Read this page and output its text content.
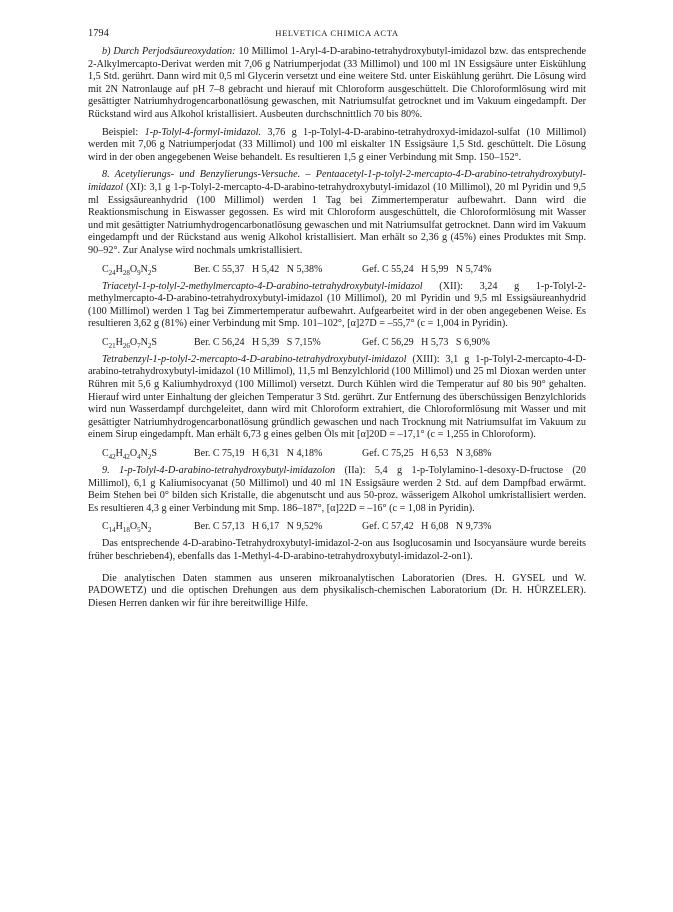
1794	HELVETICA CHIMICA ACTA

b) Durch Perjodsäureoxydation: 10 Millimol 1-Aryl-4-D-arabino-tetrahydroxybutyl-imidazol bzw. das entsprechende 2-Alkylmercapto-Derivat werden mit 7,06 g Natriumperjodat (33 Millimol) und 100 ml 1N Essigsäure unter Eiskühlung 1,5 Std. gerührt. Dann wird mit 0,5 ml Glycerin versetzt und eine weitere Std. unter Eiskühlung gerührt. Die Lösung wird mit 2N Natronlauge auf pH 7–8 gebracht und hierauf mit Chloroform ausgeschüttelt. Die Chloroformlösung wird mit gesättigter Natriumhydrogencarbonatlösung gewaschen, mit Natriumsulfat getrocknet und im Vakuum eingedampft. Der Rückstand wird aus Alkohol kristallisiert. Ausbeuten durchschnittlich 70 bis 80%.

Beispiel: 1-p-Tolyl-4-formyl-imidazol. 3,76 g 1-p-Tolyl-4-D-arabino-tetrahydroxyd-imidazol-sulfat (10 Millimol) werden mit 7,06 g Natriumperjodat (33 Millimol) und 100 ml eiskalter 1N Essigsäure 1,5 Std. geschüttelt. Die Lösung wird in der oben angegebenen Weise behandelt. Es resultieren 1,5 g einer Verbindung mit Smp. 150–152°.

8. Acetylierungs- und Benzylierungs-Versuche. – Pentaacetyl-1-p-tolyl-2-mercapto-4-D-arabino-tetrahydroxybutyl-imidazol (XI): 3,1 g 1-p-Tolyl-2-mercapto-4-D-arabino-tetrahydroxybutyl-imidazol (10 Millimol), 20 ml Pyridin und 9,5 ml Essigsäureanhydrid (100 Millimol) werden 1 Tag bei Zimmertemperatur aufbewahrt. Dann wird die Reaktionsmischung in Eiswasser gegossen. Es wird mit Chloroform ausgeschüttelt, die Chloroformlösung mit Wasser und mit gesättigter Natriumhydrogencarbonatlösung gewaschen und mit Natriumsulfat getrocknet. Dann wird im Vakuum eingedampft und der Rückstand aus wenig Alkohol kristallisiert. Man erhält so 2,36 g (45%) eines Produktes mit Smp. 90–92°. Zur Analyse wird nochmals umkristallisiert.

$C_{24}H_{28}O_9N_2S$	Ber. C 55,37   H 5,42   N 5,38%	Gef. C 55,24   H 5,99   N 5,74%

Triacetyl-1-p-tolyl-2-methylmercapto-4-D-arabino-tetrahydroxybutyl-imidazol (XII): 3,24 g 1-p-Tolyl-2-methylmercapto-4-D-arabino-tetrahydroxybutyl-imidazol (10 Millimol), 20 ml Pyridin und 9,5 ml Essigsäureanhydrid (100 Millimol) werden 1 Tag bei Zimmertemperatur aufbewahrt. Aufgearbeitet wird in der oben angegebenen Weise. Es resultieren 3,62 g (81%) einer Verbindung mit Smp. 101–102°, [α]27D = –55,7° (c = 1,004 in Pyridin).

$C_{21}H_{26}O_7N_2S$	Ber. C 56,24   H 5,39   S 7,15%	Gef. C 56,29   H 5,73   S 6,90%

Tetrabenzyl-1-p-tolyl-2-mercapto-4-D-arabino-tetrahydroxybutyl-imidazol (XIII): 3,1 g 1-p-Tolyl-2-mercapto-4-D-arabino-tetrahydroxybutyl-imidazol (10 Millimol), 11,5 ml Benzylchlorid (100 Millimol) und 25 ml Dioxan werden unter Rühren mit 5,6 g Kaliumhydroxyd (100 Millimol) versetzt. Durch Kühlen wird die Temperatur auf 80 bis 90° gehalten. Hierauf wird unter Einhaltung der gleichen Temperatur 3 Std. gerührt. Zur Entfernung des überschüssigen Benzylchlorids wird nun Wasserdampf durchgeleitet, dann wird mit Chloroform extrahiert, die Chloroformlösung mit Wasser und mit gesättigter Natriumhydrogencarbonatlösung gründlich gewaschen und nach Trocknung mit Natriumsulfat im Vakuum zu einem Sirup eingedampft. Man erhält 6,73 g eines gelben Öls mit [α]20D = –17,1° (c = 1,255 in Chloroform).

$C_{42}H_{42}O_4N_2S$	Ber. C 75,19   H 6,31   N 4,18%	Gef. C 75,25   H 6,53   N 3,68%

9. 1-p-Tolyl-4-D-arabino-tetrahydroxybutyl-imidazolon (IIa): 5,4 g 1-p-Tolylamino-1-desoxy-D-fructose (20 Millimol), 6,1 g Kaliumisocyanat (50 Millimol) und 40 ml 1N Essigsäure werden 2 Std. auf dem Dampfbad erwärmt. Beim Stehen bei 0° bilden sich Kristalle, die abgenutscht und aus 50-proz. wässerigem Alkohol umkristallisiert werden. Es resultieren 4,3 g einer Verbindung mit Smp. 186–187°, [α]22D = –16° (c = 1,08 in Pyridin).

$C_{14}H_{18}O_5N_2$	Ber. C 57,13   H 6,17   N 9,52%	Gef. C 57,42   H 6,08   N 9,73%

Das entsprechende 4-D-arabino-Tetrahydroxybutyl-imidazol-2-on aus Isoglucosamin und Isocyansäure wurde bereits früher beschrieben4), ebenfalls das 1-Methyl-4-D-arabino-tetrahydroxybutyl-imidazol-2-on1).

Die analytischen Daten stammen aus unseren mikroanalytischen Laboratorien (Dres. H. GYSEL und W. PADOWETZ) und die optischen Drehungen aus dem physikalisch-chemischen Laboratorium (Dr. H. HÜRZELER). Diesen Herren danken wir für ihre bereitwillige Hilfe.
